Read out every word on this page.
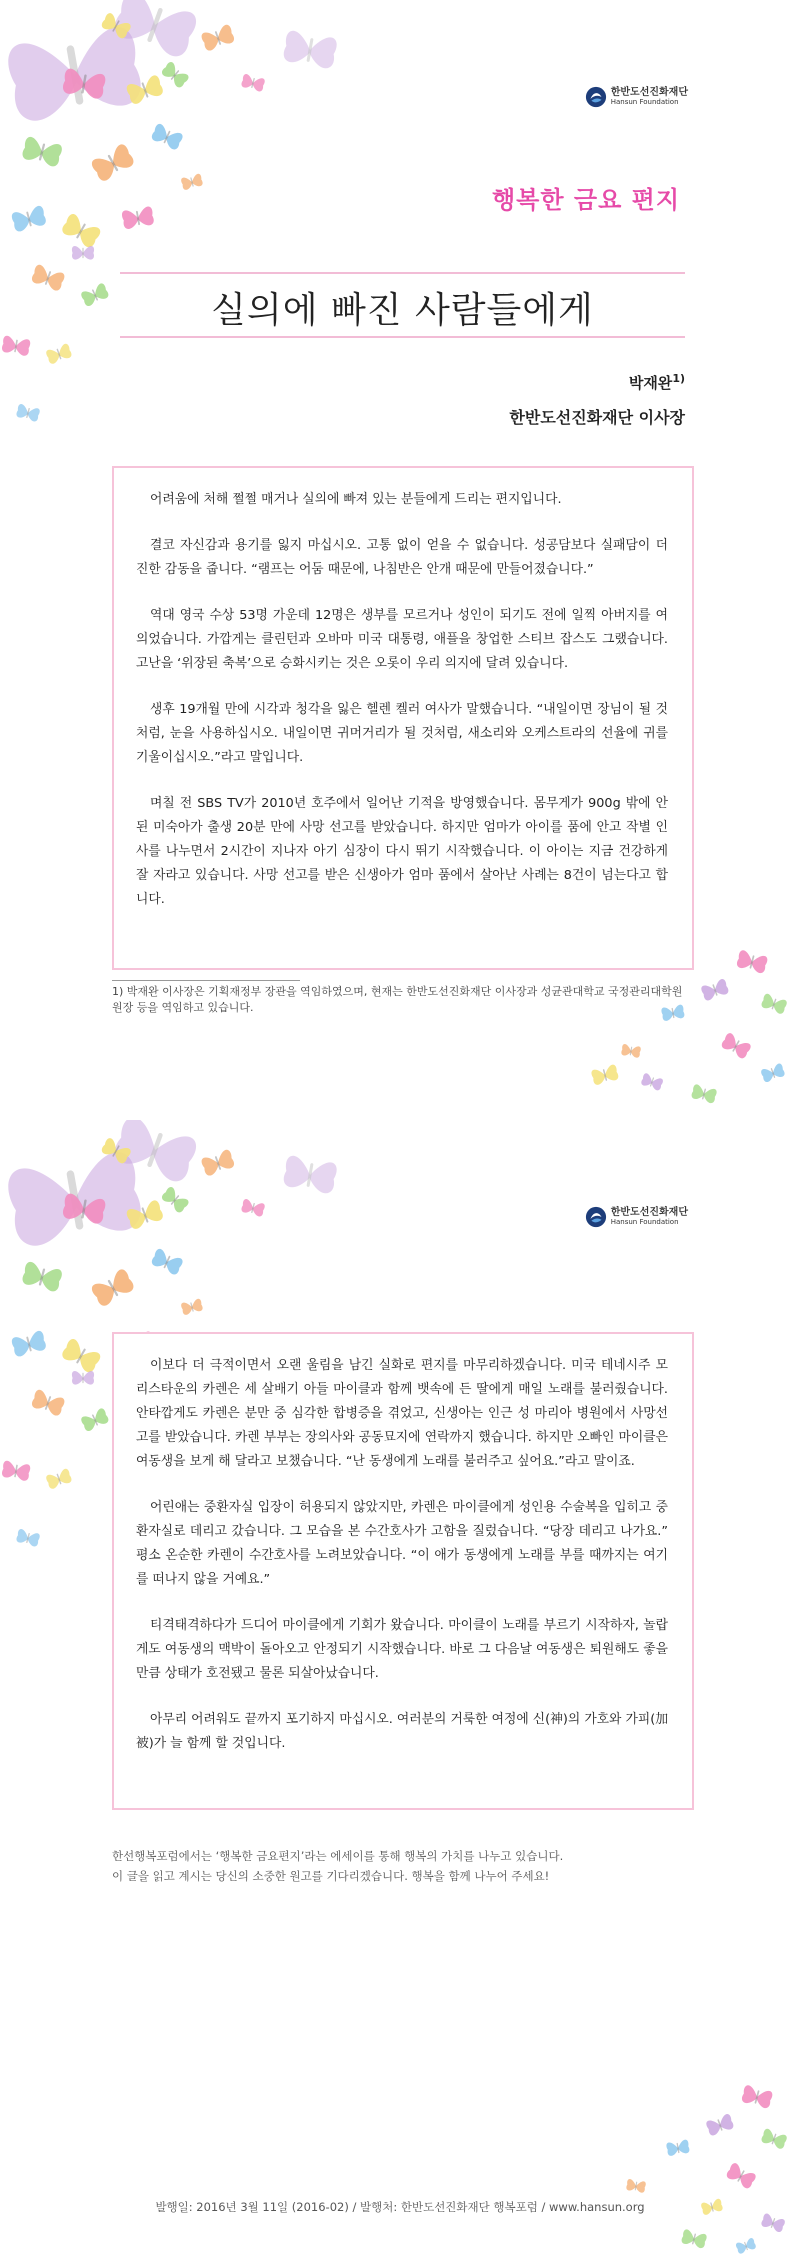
한반도선진화재단
Hansun Foundation
행복한 금요 편지
실의에 빠진 사람들에게
박재완$^{1)}$
한반도선진화재단 이사장

어려움에 처해 쩔쩔 매거나 실의에 빠져 있는 분들에게 드리는 편지입니다.

결코 자신감과 용기를 잃지 마십시오. 고통 없이 얻을 수 없습니다. 성공담보다 실패담이 더 진한 감동을 줍니다. “램프는 어둠 때문에, 나침반은 안개 때문에 만들어졌습니다.”

역대 영국 수상 53명 가운데 12명은 생부를 모르거나 성인이 되기도 전에 일찍 아버지를 여의었습니다. 가깝게는 클린턴과 오바마 미국 대통령, 애플을 창업한 스티브 잡스도 그랬습니다. 고난을 ‘위장된 축복’으로 승화시키는 것은 오롯이 우리 의지에 달려 있습니다.

생후 19개월 만에 시각과 청각을 잃은 헬렌 켈러 여사가 말했습니다. “내일이면 장님이 될 것처럼, 눈을 사용하십시오. 내일이면 귀머거리가 될 것처럼, 새소리와 오케스트라의 선율에 귀를 기울이십시오.”라고 말입니다.

며칠 전 SBS TV가 2010년 호주에서 일어난 기적을 방영했습니다. 몸무게가 900g 밖에 안 된 미숙아가 출생 20분 만에 사망 선고를 받았습니다. 하지만 엄마가 아이를 품에 안고 작별 인사를 나누면서 2시간이 지나자 아기 심장이 다시 뛰기 시작했습니다. 이 아이는 지금 건강하게 잘 자라고 있습니다. 사망 선고를 받은 신생아가 엄마 품에서 살아난 사례는 8건이 넘는다고 합니다.

1) 박재완 이사장은 기획재정부 장관을 역임하였으며, 현재는 한반도선진화재단 이사장과 성균관대학교 국정관리대학원 원장 등을 역임하고 있습니다.
한반도선진화재단
Hansun Foundation

이보다 더 극적이면서 오랜 울림을 남긴 실화로 편지를 마무리하겠습니다. 미국 테네시주 모리스타운의 카렌은 세 살배기 아들 마이클과 함께 뱃속에 든 딸에게 매일 노래를 불러줬습니다. 안타깝게도 카렌은 분만 중 심각한 합병증을 겪었고, 신생아는 인근 성 마리아 병원에서 사망선고를 받았습니다. 카렌 부부는 장의사와 공동묘지에 연락까지 했습니다. 하지만 오빠인 마이클은 여동생을 보게 해 달라고 보챘습니다. “난 동생에게 노래를 불러주고 싶어요.”라고 말이죠.

어린애는 중환자실 입장이 허용되지 않았지만, 카렌은 마이클에게 성인용 수술복을 입히고 중환자실로 데리고 갔습니다. 그 모습을 본 수간호사가 고함을 질렀습니다. “당장 데리고 나가요.” 평소 온순한 카렌이 수간호사를 노려보았습니다. “이 애가 동생에게 노래를 부를 때까지는 여기를 떠나지 않을 거예요.”

티격태격하다가 드디어 마이클에게 기회가 왔습니다. 마이클이 노래를 부르기 시작하자, 놀랍게도 여동생의 맥박이 돌아오고 안정되기 시작했습니다. 바로 그 다음날 여동생은 퇴원해도 좋을 만큼 상태가 호전됐고 물론 되살아났습니다.

아무리 어려워도 끝까지 포기하지 마십시오. 여러분의 거룩한 여정에 신(神)의 가호와 가피(加被)가 늘 함께 할 것입니다.

한선행복포럼에서는 ‘행복한 금요편지’라는 에세이를 통해 행복의 가치를 나누고 있습니다.
이 글을 읽고 계시는 당신의 소중한 원고를 기다리겠습니다. 행복을 함께 나누어 주세요!
발행일: 2016년 3월 11일 (2016-02) / 발행처: 한반도선진화재단 행복포럼 / www.hansun.org
